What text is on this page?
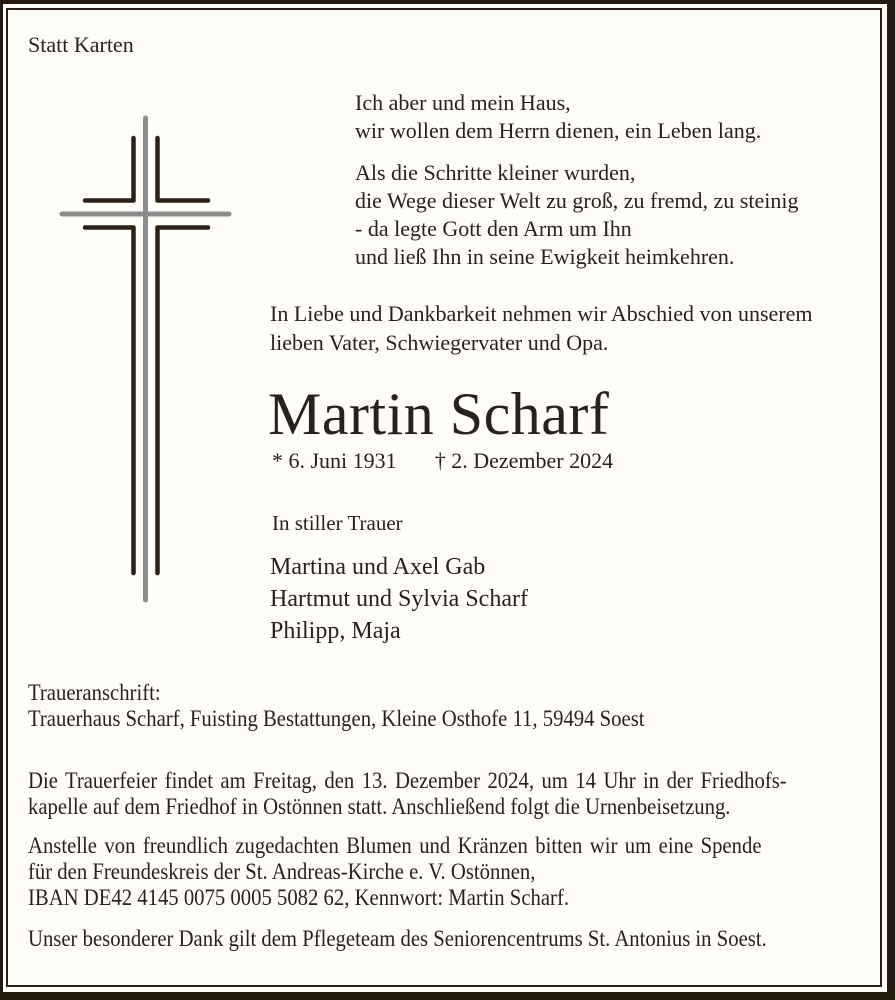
Statt Karten
Ich aber und mein Haus,
wir wollen dem Herrn dienen, ein Leben lang.
Als die Schritte kleiner wurden,
die Wege dieser Welt zu groß, zu fremd, zu steinig
- da legte Gott den Arm um Ihn
und ließ Ihn in seine Ewigkeit heimkehren.
In Liebe und Dankbarkeit nehmen wir Abschied von unserem
lieben Vater, Schwiegervater und Opa.
Martin Scharf
* 6. Juni 1931 † 2. Dezember 2024
In stiller Trauer
Martina und Axel Gab
Hartmut und Sylvia Scharf
Philipp, Maja
Traueranschrift:
Trauerhaus Scharf, Fuisting Bestattungen, Kleine Osthofe 11, 59494 Soest
Die Trauerfeier findet am Freitag, den 13. Dezember 2024, um 14 Uhr in der Friedhofs-
kapelle auf dem Friedhof in Ostönnen statt. Anschließend folgt die Urnenbeisetzung.
Anstelle von freundlich zugedachten Blumen und Kränzen bitten wir um eine Spende
für den Freundeskreis der St. Andreas-Kirche e. V. Ostönnen,
IBAN DE42 4145 0075 0005 5082 62, Kennwort: Martin Scharf.
Unser besonderer Dank gilt dem Pflegeteam des Seniorencentrums St. Antonius in Soest.
